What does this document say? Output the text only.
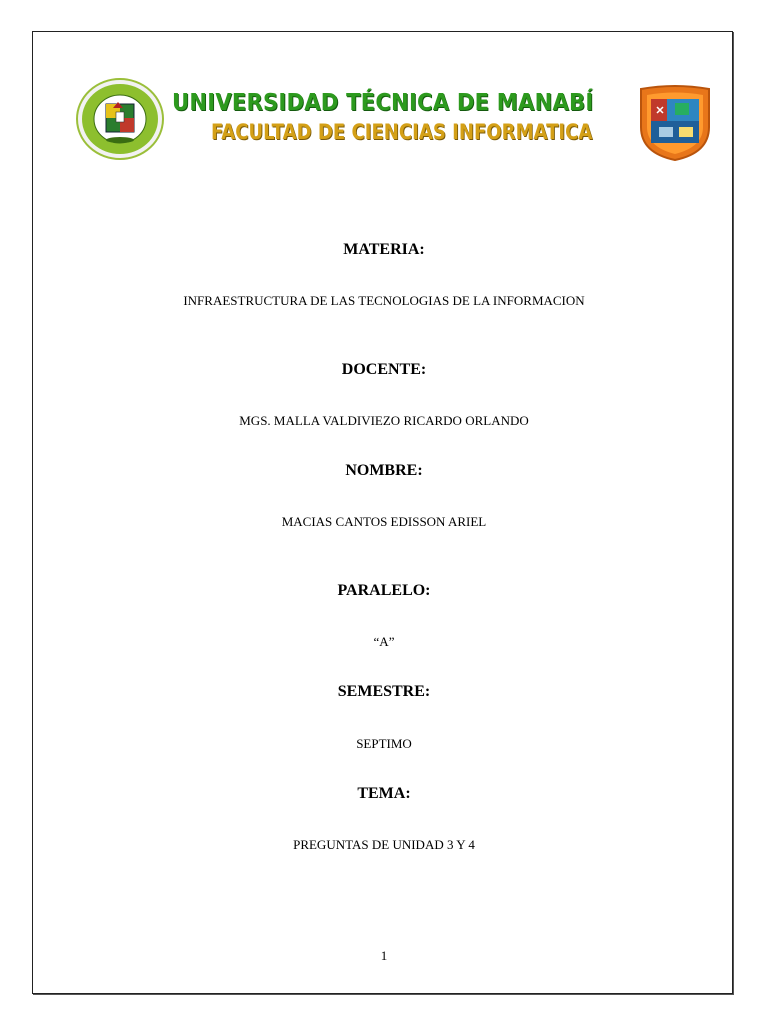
UNIVERSIDAD TÉCNICA DE MANABÍ
FACULTAD DE CIENCIAS INFORMATICA
MATERIA:
INFRAESTRUCTURA DE LAS TECNOLOGIAS DE LA INFORMACION
DOCENTE:
MGS. MALLA VALDIVIEZO RICARDO ORLANDO
NOMBRE:
MACIAS CANTOS EDISSON ARIEL
PARALELO:
“A”
SEMESTRE:
SEPTIMO
TEMA:
PREGUNTAS DE UNIDAD 3 Y 4
1
